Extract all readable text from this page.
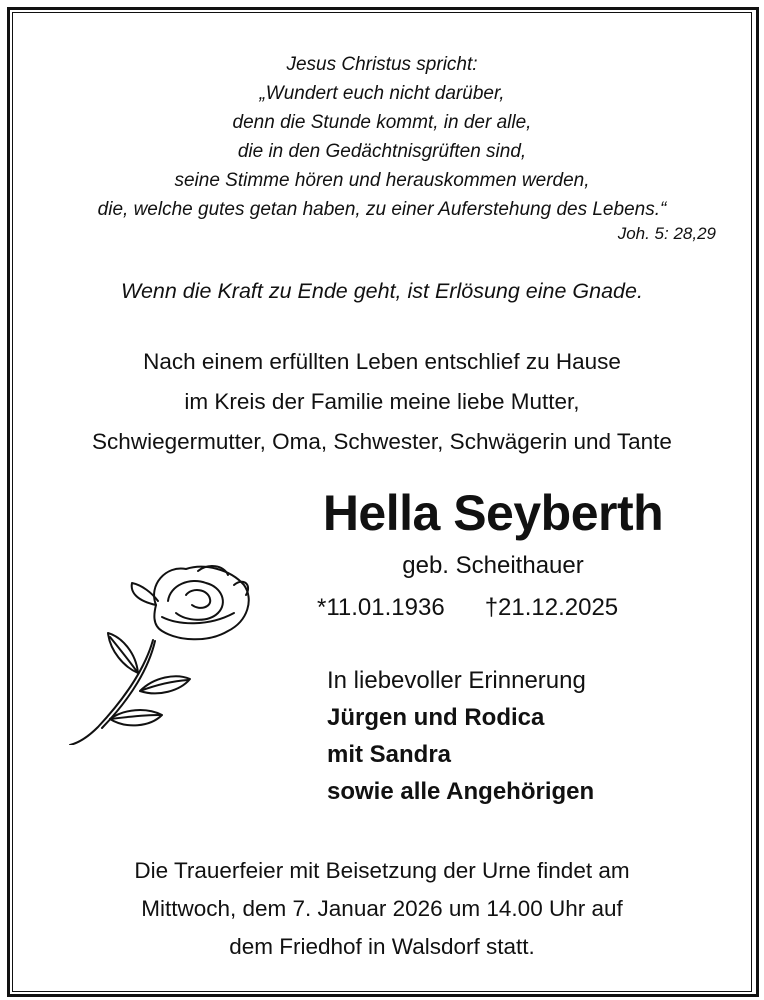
Jesus Christus spricht:
„Wundert euch nicht darüber,
denn die Stunde kommt, in der alle,
die in den Gedächtnisgrüften sind,
seine Stimme hören und herauskommen werden,
die, welche gutes getan haben, zu einer Auferstehung des Lebens.“
Joh. 5: 28,29
Wenn die Kraft zu Ende geht, ist Erlösung eine Gnade.
Nach einem erfüllten Leben entschlief zu Hause
im Kreis der Familie meine liebe Mutter,
Schwiegermutter, Oma, Schwester, Schwägerin und Tante
Hella Seyberth
geb. Scheithauer
*11.01.1936 †21.12.2025
In liebevoller Erinnerung
Jürgen und Rodica
mit Sandra
sowie alle Angehörigen
Die Trauerfeier mit Beisetzung der Urne findet am
Mittwoch, dem 7. Januar 2026 um 14.00 Uhr auf
dem Friedhof in Walsdorf statt.
